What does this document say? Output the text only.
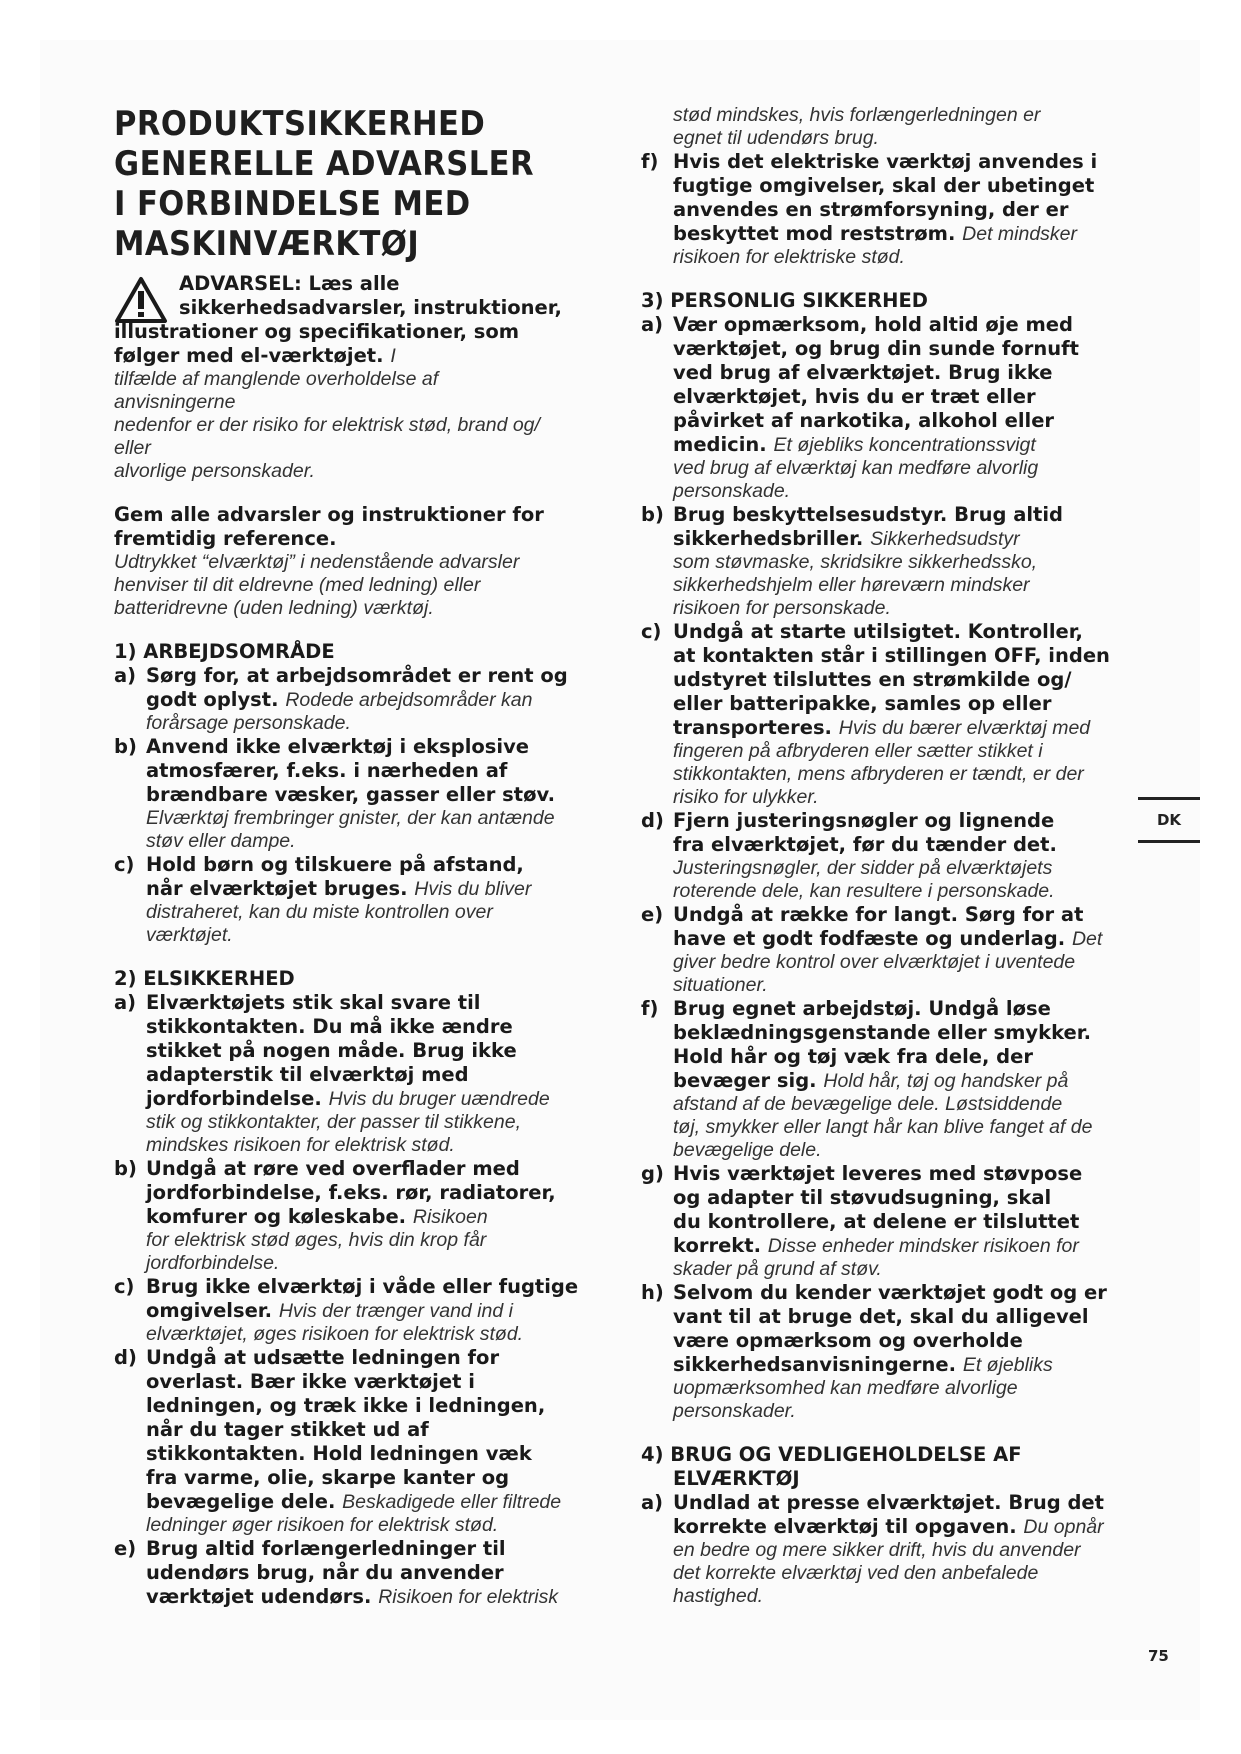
PRODUKTSIKKERHED
GENERELLE ADVARSLER
I FORBINDELSE MED
MASKINVÆRKTØJ
ADVARSEL: Læs alle
sikkerhedsadvarsler, instruktioner,
illustrationer og specifikationer, som
følger med el-værktøjet. I
tilfælde af manglende overholdelse af
anvisningerne
nedenfor er der risiko for elektrisk stød, brand og/
eller
alvorlige personskader.
Gem alle advarsler og instruktioner for
fremtidig reference.
Udtrykket “elværktøj” i nedenstående advarsler
henviser til dit eldrevne (med ledning) eller
batteridrevne (uden ledning) værktøj.
1) ARBEJDSOMRÅDE
a) Sørg for, at arbejdsområdet er rent og
godt oplyst. Rodede arbejdsområder kan
forårsage personskade.
b) Anvend ikke elværktøj i eksplosive
atmosfærer, f.eks. i nærheden af
brændbare væsker, gasser eller støv.
Elværktøj frembringer gnister, der kan antænde
støv eller dampe.
c) Hold børn og tilskuere på afstand,
når elværktøjet bruges. Hvis du bliver
distraheret, kan du miste kontrollen over
værktøjet.
2) ELSIKKERHED
a) Elværktøjets stik skal svare til
stikkontakten. Du må ikke ændre
stikket på nogen måde. Brug ikke
adapterstik til elværktøj med
jordforbindelse. Hvis du bruger uændrede
stik og stikkontakter, der passer til stikkene,
mindskes risikoen for elektrisk stød.
b) Undgå at røre ved overflader med
jordforbindelse, f.eks. rør, radiatorer,
komfurer og køleskabe. Risikoen
for elektrisk stød øges, hvis din krop får
jordforbindelse.
c) Brug ikke elværktøj i våde eller fugtige
omgivelser. Hvis der trænger vand ind i
elværktøjet, øges risikoen for elektrisk stød.
d) Undgå at udsætte ledningen for
overlast. Bær ikke værktøjet i
ledningen, og træk ikke i ledningen,
når du tager stikket ud af
stikkontakten. Hold ledningen væk
fra varme, olie, skarpe kanter og
bevægelige dele. Beskadigede eller filtrede
ledninger øger risikoen for elektrisk stød.
e) Brug altid forlængerledninger til
udendørs brug, når du anvender
værktøjet udendørs. Risikoen for elektrisk
stød mindskes, hvis forlængerledningen er
egnet til udendørs brug.
f) Hvis det elektriske værktøj anvendes i
fugtige omgivelser, skal der ubetinget
anvendes en strømforsyning, der er
beskyttet mod reststrøm. Det mindsker
risikoen for elektriske stød.
3) PERSONLIG SIKKERHED
a) Vær opmærksom, hold altid øje med
værktøjet, og brug din sunde fornuft
ved brug af elværktøjet. Brug ikke
elværktøjet, hvis du er træt eller
påvirket af narkotika, alkohol eller
medicin. Et øjebliks koncentrationssvigt
ved brug af elværktøj kan medføre alvorlig
personskade.
b) Brug beskyttelsesudstyr. Brug altid
sikkerhedsbriller. Sikkerhedsudstyr
som støvmaske, skridsikre sikkerhedssko,
sikkerhedshjelm eller høreværn mindsker
risikoen for personskade.
c) Undgå at starte utilsigtet. Kontroller,
at kontakten står i stillingen OFF, inden
udstyret tilsluttes en strømkilde og/
eller batteripakke, samles op eller
transporteres. Hvis du bærer elværktøj med
fingeren på afbryderen eller sætter stikket i
stikkontakten, mens afbryderen er tændt, er der
risiko for ulykker.
d) Fjern justeringsnøgler og lignende
fra elværktøjet, før du tænder det.
Justeringsnøgler, der sidder på elværktøjets
roterende dele, kan resultere i personskade.
e) Undgå at række for langt. Sørg for at
have et godt fodfæste og underlag. Det
giver bedre kontrol over elværktøjet i uventede
situationer.
f) Brug egnet arbejdstøj. Undgå løse
beklædningsgenstande eller smykker.
Hold hår og tøj væk fra dele, der
bevæger sig. Hold hår, tøj og handsker på
afstand af de bevægelige dele. Løstsiddende
tøj, smykker eller langt hår kan blive fanget af de
bevægelige dele.
g) Hvis værktøjet leveres med støvpose
og adapter til støvudsugning, skal
du kontrollere, at delene er tilsluttet
korrekt. Disse enheder mindsker risikoen for
skader på grund af støv.
h) Selvom du kender værktøjet godt og er
vant til at bruge det, skal du alligevel
være opmærksom og overholde
sikkerhedsanvisningerne. Et øjebliks
uopmærksomhed kan medføre alvorlige
personskader.
4) BRUG OG VEDLIGEHOLDELSE AF
ELVÆRKTØJ
a) Undlad at presse elværktøjet. Brug det
korrekte elværktøj til opgaven. Du opnår
en bedre og mere sikker drift, hvis du anvender
det korrekte elværktøj ved den anbefalede
hastighed.
DK
75
